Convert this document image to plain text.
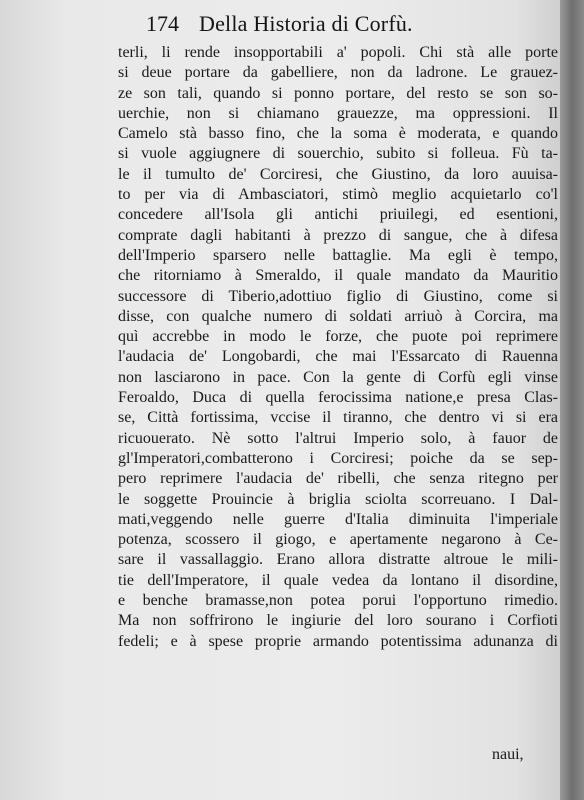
174 Della Historia di Corfù.
terli, li rende insopportabili a' popoli. Chi stà alle porte
si deue portare da gabelliere, non da ladrone. Le grauez-
ze son tali, quando si ponno portare, del resto se son so-
uerchie, non si chiamano grauezze, ma oppressioni. Il
Camelo stà basso fino, che la soma è moderata, e quando
si vuole aggiugnere di souerchio, subito si folleua. Fù ta-
le il tumulto de' Corciresi, che Giustino, da loro auuisa-
to per via di Ambasciatori, stimò meglio acquietarlo co'l
concedere all'Isola gli antichi priuilegi, ed esentioni,
comprate dagli habitanti à prezzo di sangue, che à difesa
dell'Imperio sparsero nelle battaglie. Ma egli è tempo,
che ritorniamo à Smeraldo, il quale mandato da Mauritio
successore di Tiberio,adottiuo figlio di Giustino, come si
disse, con qualche numero di soldati arriuò à Corcira, ma
quì accrebbe in modo le forze, che puote poi reprimere
l'audacia de' Longobardi, che mai l'Essarcato di Rauenna
non lasciarono in pace. Con la gente di Corfù egli vinse
Feroaldo, Duca di quella ferocissima natione,e presa Clas-
se, Città fortissima, vccise il tiranno, che dentro vi si era
ricuouerato. Nè sotto l'altrui Imperio solo, à fauor de
gl'Imperatori,combatterono i Corciresi; poiche da se sep-
pero reprimere l'audacia de' ribelli, che senza ritegno per
le soggette Prouincie à briglia sciolta scorreuano. I Dal-
mati,veggendo nelle guerre d'Italia diminuita l'imperiale
potenza, scossero il giogo, e apertamente negarono à Ce-
sare il vassallaggio. Erano allora distratte altroue le mili-
tie dell'Imperatore, il quale vedea da lontano il disordine,
e benche bramasse,non potea porui l'opportuno rimedio.
Ma non soffrirono le ingiurie del loro sourano i Corfioti
fedeli; e à spese proprie armando potentissima adunanza di
naui,
